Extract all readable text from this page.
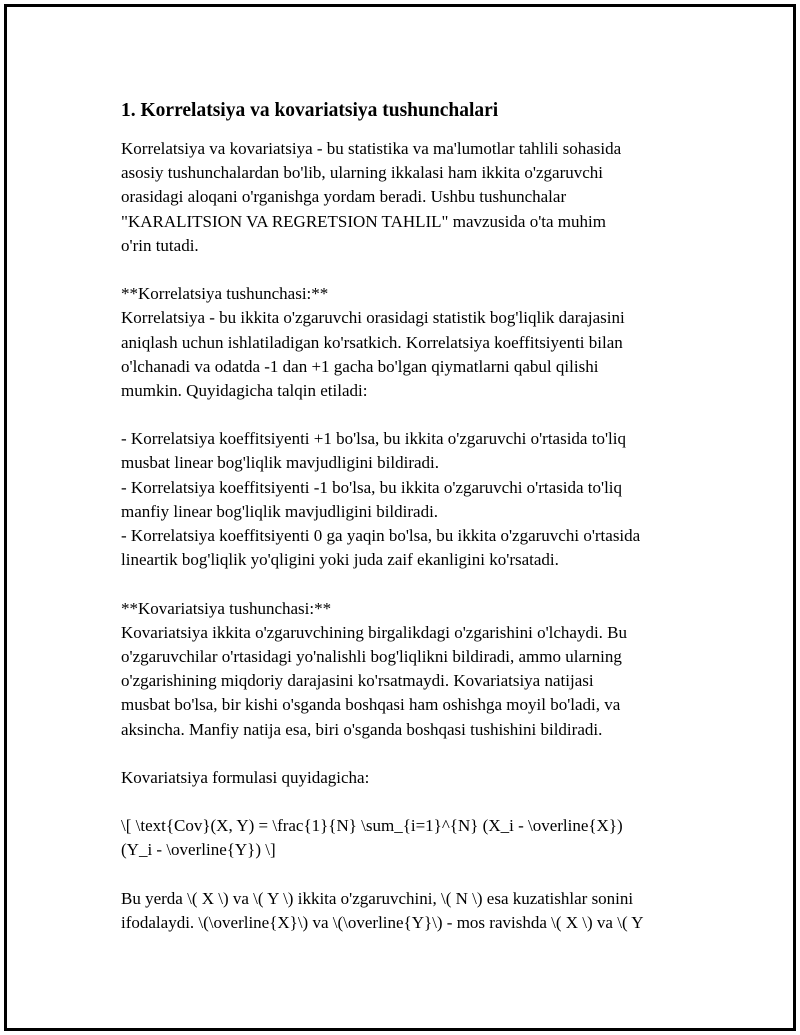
1. Korrelatsiya va kovariatsiya tushunchalari
Korrelatsiya va kovariatsiya - bu statistika va ma'lumotlar tahlili sohasida
asosiy tushunchalardan bo'lib, ularning ikkalasi ham ikkita o'zgaruvchi
orasidagi aloqani o'rganishga yordam beradi. Ushbu tushunchalar
"KARALITSION VA REGRETSION TAHLIL" mavzusida o'ta muhim
o'rin tutadi.
**Korrelatsiya tushunchasi:**
Korrelatsiya - bu ikkita o'zgaruvchi orasidagi statistik bog'liqlik darajasini
aniqlash uchun ishlatiladigan ko'rsatkich. Korrelatsiya koeffitsiyenti bilan
o'lchanadi va odatda -1 dan +1 gacha bo'lgan qiymatlarni qabul qilishi
mumkin. Quyidagicha talqin etiladi:
- Korrelatsiya koeffitsiyenti +1 bo'lsa, bu ikkita o'zgaruvchi o'rtasida to'liq
musbat linear bog'liqlik mavjudligini bildiradi.
- Korrelatsiya koeffitsiyenti -1 bo'lsa, bu ikkita o'zgaruvchi o'rtasida to'liq
manfiy linear bog'liqlik mavjudligini bildiradi.
- Korrelatsiya koeffitsiyenti 0 ga yaqin bo'lsa, bu ikkita o'zgaruvchi o'rtasida
lineartik bog'liqlik yo'qligini yoki juda zaif ekanligini ko'rsatadi.
**Kovariatsiya tushunchasi:**
Kovariatsiya ikkita o'zgaruvchining birgalikdagi o'zgarishini o'lchaydi. Bu
o'zgaruvchilar o'rtasidagi yo'nalishli bog'liqlikni bildiradi, ammo ularning
o'zgarishining miqdoriy darajasini ko'rsatmaydi. Kovariatsiya natijasi
musbat bo'lsa, bir kishi o'sganda boshqasi ham oshishga moyil bo'ladi, va
aksincha. Manfiy natija esa, biri o'sganda boshqasi tushishini bildiradi.
Kovariatsiya formulasi quyidagicha:
\[ \text{Cov}(X, Y) = \frac{1}{N} \sum_{i=1}^{N} (X_i - \overline{X})
(Y_i - \overline{Y}) \]
Bu yerda \( X \) va \( Y \) ikkita o'zgaruvchini, \( N \) esa kuzatishlar sonini
ifodalaydi. \(\overline{X}\) va \(\overline{Y}\) - mos ravishda \( X \) va \( Y
